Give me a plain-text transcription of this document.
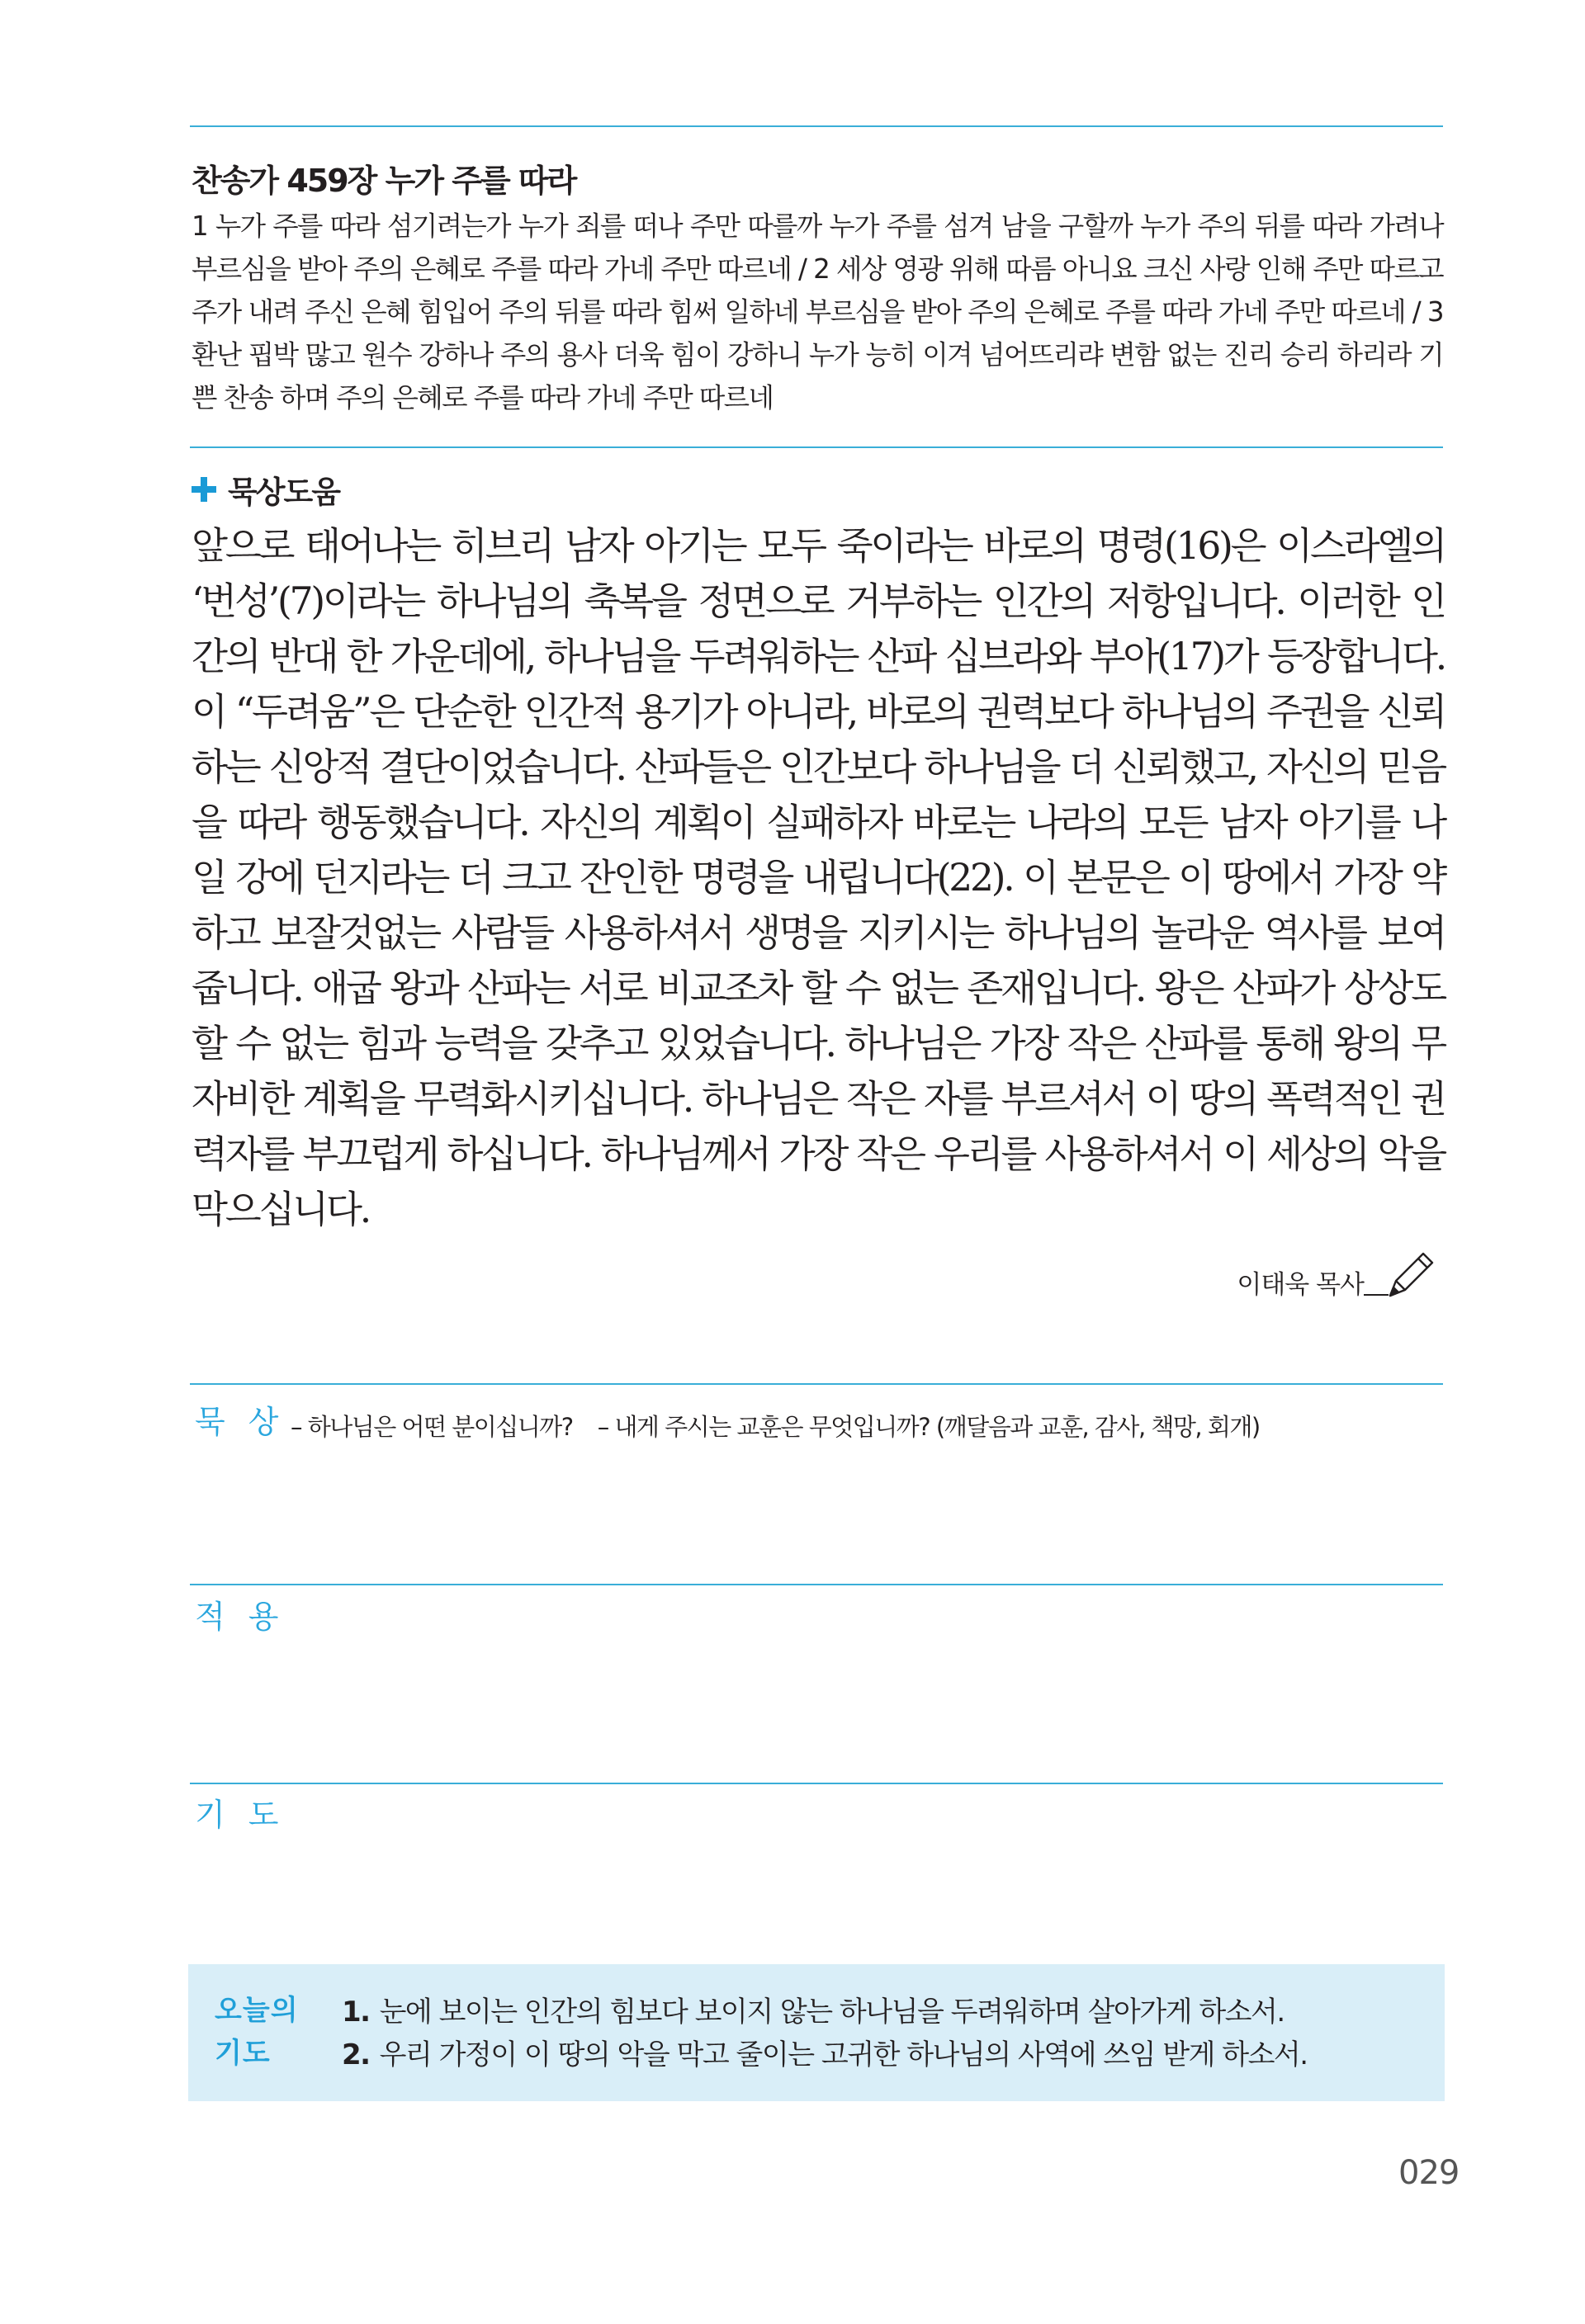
찬송가 459장 누가 주를 따라

1 누가 주를 따라 섬기려는가 누가 죄를 떠나 주만 따를까 누가 주를 섬겨 남을 구할까 누가 주의 뒤를 따라 가려나 부르심을 받아 주의 은혜로 주를 따라 가네 주만 따르네 / 2 세상 영광 위해 따름 아니요 크신 사랑 인해 주만 따르고 주가 내려 주신 은혜 힘입어 주의 뒤를 따라 힘써 일하네 부르심을 받아 주의 은혜로 주를 따라 가네 주만 따르네 / 3 환난 핍박 많고 원수 강하나 주의 용사 더욱 힘이 강하니 누가 능히 이겨 넘어뜨리랴 변함 없는 진리 승리 하리라 기쁜 찬송 하며 주의 은혜로 주를 따라 가네 주만 따르네

묵상도움

앞으로 태어나는 히브리 남자 아기는 모두 죽이라는 바로의 명령(16)은 이스라엘의 ‘번성’(7)이라는 하나님의 축복을 정면으로 거부하는 인간의 저항입니다. 이러한 인간의 반대 한 가운데에, 하나님을 두려워하는 산파 십브라와 부아(17)가 등장합니다. 이 “두려움”은 단순한 인간적 용기가 아니라, 바로의 권력보다 하나님의 주권을 신뢰하는 신앙적 결단이었습니다. 산파들은 인간보다 하나님을 더 신뢰했고, 자신의 믿음을 따라 행동했습니다. 자신의 계획이 실패하자 바로는 나라의 모든 남자 아기를 나일 강에 던지라는 더 크고 잔인한 명령을 내립니다(22). 이 본문은 이 땅에서 가장 약하고 보잘것없는 사람들 사용하셔서 생명을 지키시는 하나님의 놀라운 역사를 보여줍니다. 애굽 왕과 산파는 서로 비교조차 할 수 없는 존재입니다. 왕은 산파가 상상도 할 수 없는 힘과 능력을 갖추고 있었습니다. 하나님은 가장 작은 산파를 통해 왕의 무자비한 계획을 무력화시키십니다. 하나님은 작은 자를 부르셔서 이 땅의 폭력적인 권력자를 부끄럽게 하십니다. 하나님께서 가장 작은 우리를 사용하셔서 이 세상의 악을 막으십니다.

이태욱 목사
묵 상 – 하나님은 어떤 분이십니까? – 내게 주시는 교훈은 무엇입니까? (깨달음과 교훈, 감사, 책망, 회개)
적 용
기 도
오늘의
기도
1. 눈에 보이는 인간의 힘보다 보이지 않는 하나님을 두려워하며 살아가게 하소서.
2. 우리 가정이 이 땅의 악을 막고 줄이는 고귀한 하나님의 사역에 쓰임 받게 하소서.
029
